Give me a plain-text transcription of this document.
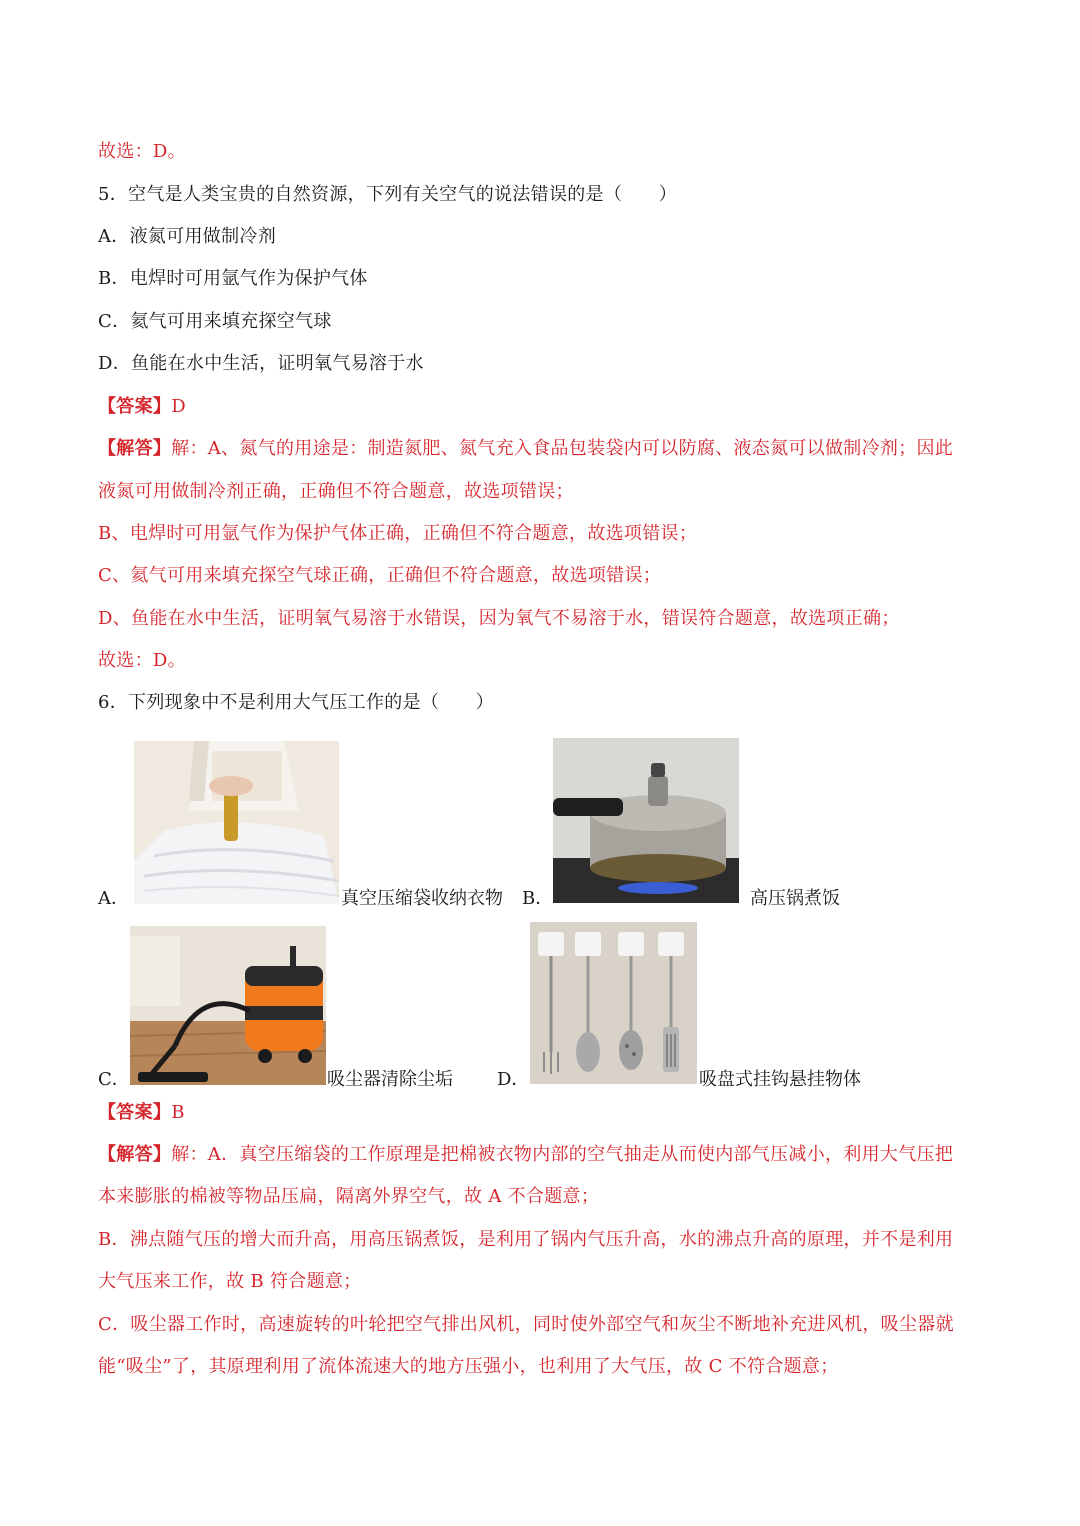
故选：D。
5．空气是人类宝贵的自然资源，下列有关空气的说法错误的是（　　）
A．液氮可用做制冷剂
B．电焊时可用氩气作为保护气体
C．氦气可用来填充探空气球
D．鱼能在水中生活，证明氧气易溶于水
【答案】D
【解答】解：A、氮气的用途是：制造氮肥、氮气充入食品包装袋内可以防腐、液态氮可以做制冷剂；因此
液氮可用做制冷剂正确，正确但不符合题意，故选项错误；
B、电焊时可用氩气作为保护气体正确，正确但不符合题意，故选项错误；
C、氦气可用来填充探空气球正确，正确但不符合题意，故选项错误；
D、鱼能在水中生活，证明氧气易溶于水错误，因为氧气不易溶于水，错误符合题意，故选项正确；
故选：D。
6．下列现象中不是利用大气压工作的是（　　）
A．	真空压缩袋收纳衣物 B．	高压锅煮饭
C．	吸尘器清除尘垢 D．	吸盘式挂钩悬挂物体
【答案】B
【解答】解：A．真空压缩袋的工作原理是把棉被衣物内部的空气抽走从而使内部气压减小，利用大气压把
本来膨胀的棉被等物品压扁，隔离外界空气，故 A 不合题意；
B．沸点随气压的增大而升高，用高压锅煮饭，是利用了锅内气压升高，水的沸点升高的原理，并不是利用
大气压来工作，故 B 符合题意；
C．吸尘器工作时，高速旋转的叶轮把空气排出风机，同时使外部空气和灰尘不断地补充进风机，吸尘器就
能“吸尘”了，其原理利用了流体流速大的地方压强小，也利用了大气压，故 C 不符合题意；
